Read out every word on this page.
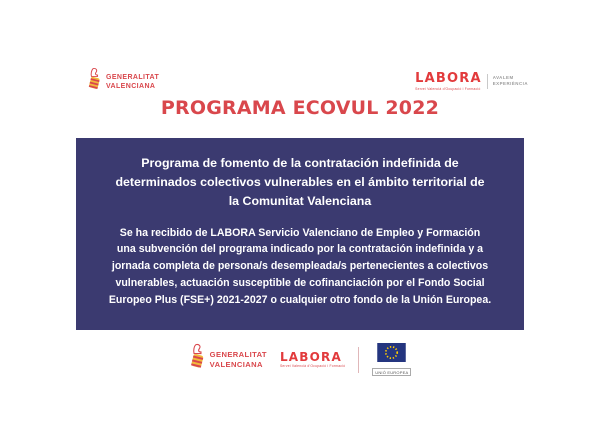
GENERALITAT
VALENCIANA
LABORA
Servei Valencià d'Ocupació i Formació
AVALEM
EXPERIÈNCIA
PROGRAMA ECOVUL 2022
Programa de fomento de la contratación indefinida de
determinados colectivos vulnerables en el ámbito territorial de
la Comunitat Valenciana
Se ha recibido de LABORA Servicio Valenciano de Empleo y Formación
una subvención del programa indicado por la contratación indefinida y a
jornada completa de persona/s desempleada/s pertenecientes a colectivos
vulnerables, actuación susceptible de cofinanciación por el Fondo Social
Europeo Plus (FSE+) 2021-2027 o cualquier otro fondo de la Unión Europea.
GENERALITAT
VALENCIANA
LABORA
Servei Valencià d'Ocupació i Formació
UNIÓ EUROPEA
